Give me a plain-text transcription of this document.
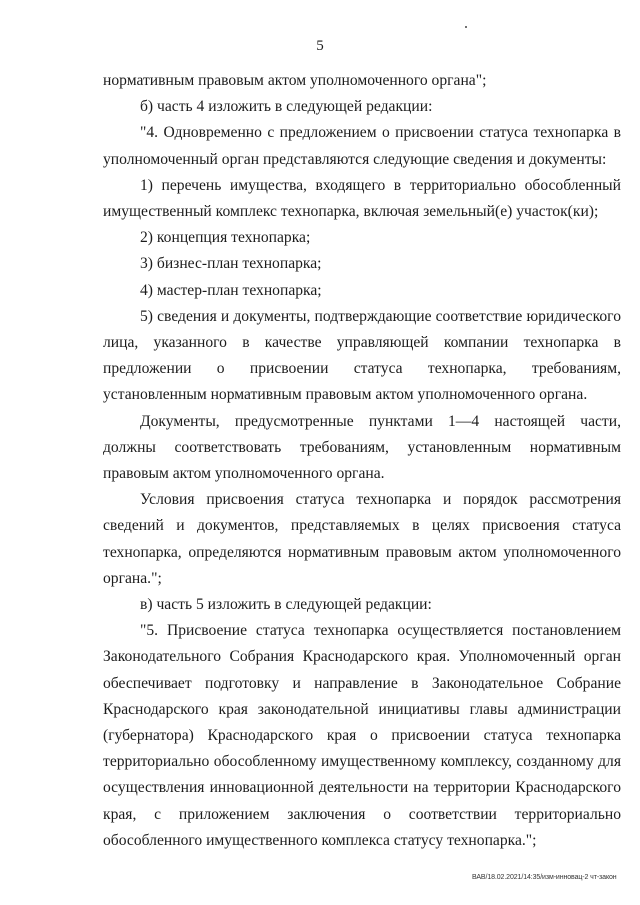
5

нормативным правовым актом уполномоченного органа";

б) часть 4 изложить в следующей редакции:

"4. Одновременно с предложением о присвоении статуса технопарка в уполномоченный орган представляются следующие сведения и документы:

1) перечень имущества, входящего в территориально обособленный имущественный комплекс технопарка, включая земельный(е) участок(ки);

2) концепция технопарка;

3) бизнес-план технопарка;

4) мастер-план технопарка;

5) сведения и документы, подтверждающие соответствие юридического лица, указанного в качестве управляющей компании технопарка в предложении о присвоении статуса технопарка, требованиям, установленным нормативным правовым актом уполномоченного органа.

Документы, предусмотренные пунктами 1—4 настоящей части, должны соответствовать требованиям, установленным нормативным правовым актом уполномоченного органа.

Условия присвоения статуса технопарка и порядок рассмотрения сведений и документов, представляемых в целях присвоения статуса технопарка, определяются нормативным правовым актом уполномоченного органа.";

в) часть 5 изложить в следующей редакции:

"5. Присвоение статуса технопарка осуществляется постановлением Законодательного Собрания Краснодарского края. Уполномоченный орган обеспечивает подготовку и направление в Законодательное Собрание Краснодарского края законодательной инициативы главы администрации (губернатора) Краснодарского края о присвоении статуса технопарка территориально обособленному имущественному комплексу, созданному для осуществления инновационной деятельности на территории Краснодарского края, с приложением заключения о соответствии территориально обособленного имущественного комплекса статусу технопарка.";

ВАВ/18.02.2021/14:35/изм-инновац-2 чт-закон
